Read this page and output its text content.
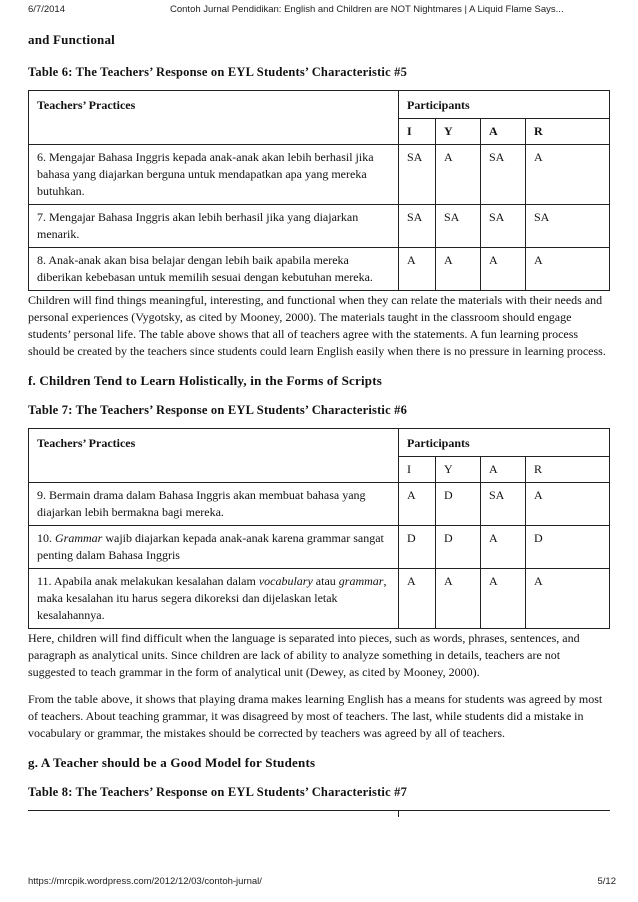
6/7/2014	Contoh Jurnal Pendidikan: English and Children are NOT Nightmares | A Liquid Flame Says...

and Functional

Table 6: The Teachers’ Response on EYL Students’ Characteristic #5

Teachers’ Practices	Participants			
	I	Y	A	R
6. Mengajar Bahasa Inggris kepada anak-anak akan lebih berhasil jika bahasa yang diajarkan berguna untuk mendapatkan apa yang mereka butuhkan.	SA	A	SA	A
7. Mengajar Bahasa Inggris akan lebih berhasil jika yang diajarkan menarik.	SA	SA	SA	SA
8. Anak-anak akan bisa belajar dengan lebih baik apabila mereka diberikan kebebasan untuk memilih sesuai dengan kebutuhan mereka.	A	A	A	A

Children will find things meaningful, interesting, and functional when they can relate the materials with their needs and personal experiences (Vygotsky, as cited by Mooney, 2000). The materials taught in the classroom should engage students’ personal life. The table above shows that all of teachers agree with the statements. A fun learning process should be created by the teachers since students could learn English easily when there is no pressure in learning process.

f. Children Tend to Learn Holistically, in the Forms of Scripts

Table 7: The Teachers’ Response on EYL Students’ Characteristic #6

Teachers’ Practices	Participants			
	I	Y	A	R
9. Bermain drama dalam Bahasa Inggris akan membuat bahasa yang diajarkan lebih bermakna bagi mereka.	A	D	SA	A
10. Grammar wajib diajarkan kepada anak-anak karena grammar sangat penting dalam Bahasa Inggris	D	D	A	D
11. Apabila anak melakukan kesalahan dalam vocabulary atau grammar, maka kesalahan itu harus segera dikoreksi dan dijelaskan letak kesalahannya.	A	A	A	A

Here, children will find difficult when the language is separated into pieces, such as words, phrases, sentences, and paragraph as analytical units. Since children are lack of ability to analyze something in details, teachers are not suggested to teach grammar in the form of analytical unit (Dewey, as cited by Mooney, 2000).

From the table above, it shows that playing drama makes learning English has a means for students was agreed by most of teachers. About teaching grammar, it was disagreed by most of teachers. The last, while students did a mistake in vocabulary or grammar, the mistakes should be corrected by teachers was agreed by all of teachers.

g. A Teacher should be a Good Model for Students

Table 8: The Teachers’ Response on EYL Students’ Characteristic #7

https://mrcpik.wordpress.com/2012/12/03/contoh-jurnal/	5/12
